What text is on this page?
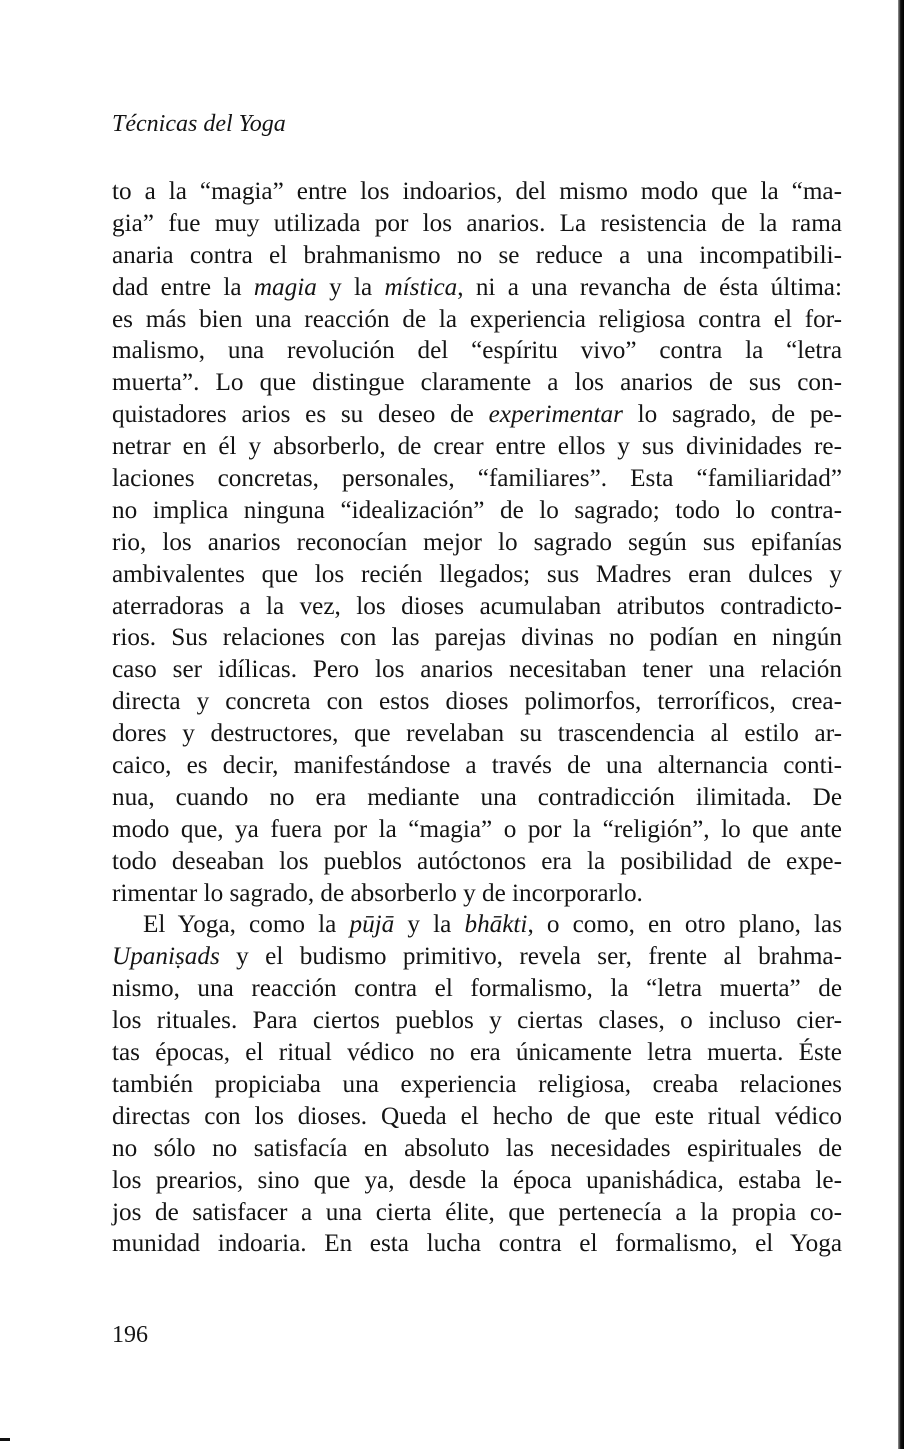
Técnicas del Yoga

to a la “magia” entre los indoarios, del mismo modo que la “ma-
gia” fue muy utilizada por los anarios. La resistencia de la rama
anaria contra el brahmanismo no se reduce a una incompatibili-
dad entre la magia y la mística, ni a una revancha de ésta última:
es más bien una reacción de la experiencia religiosa contra el for-
malismo, una revolución del “espíritu vivo” contra la “letra
muerta”. Lo que distingue claramente a los anarios de sus con-
quistadores arios es su deseo de experimentar lo sagrado, de pe-
netrar en él y absorberlo, de crear entre ellos y sus divinidades re-
laciones concretas, personales, “familiares”. Esta “familiaridad”
no implica ninguna “idealización” de lo sagrado; todo lo contra-
rio, los anarios reconocían mejor lo sagrado según sus epifanías
ambivalentes que los recién llegados; sus Madres eran dulces y
aterradoras a la vez, los dioses acumulaban atributos contradicto-
rios. Sus relaciones con las parejas divinas no podían en ningún
caso ser idílicas. Pero los anarios necesitaban tener una relación
directa y concreta con estos dioses polimorfos, terroríficos, crea-
dores y destructores, que revelaban su trascendencia al estilo ar-
caico, es decir, manifestándose a través de una alternancia conti-
nua, cuando no era mediante una contradicción ilimitada. De
modo que, ya fuera por la “magia” o por la “religión”, lo que ante
todo deseaban los pueblos autóctonos era la posibilidad de expe-
rimentar lo sagrado, de absorberlo y de incorporarlo.
El Yoga, como la pūjā y la bhākti, o como, en otro plano, las
Upaniṣads y el budismo primitivo, revela ser, frente al brahma-
nismo, una reacción contra el formalismo, la “letra muerta” de
los rituales. Para ciertos pueblos y ciertas clases, o incluso cier-
tas épocas, el ritual védico no era únicamente letra muerta. Éste
también propiciaba una experiencia religiosa, creaba relaciones
directas con los dioses. Queda el hecho de que este ritual védico
no sólo no satisfacía en absoluto las necesidades espirituales de
los prearios, sino que ya, desde la época upanishádica, estaba le-
jos de satisfacer a una cierta élite, que pertenecía a la propia co-
munidad indoaria. En esta lucha contra el formalismo, el Yoga

196
